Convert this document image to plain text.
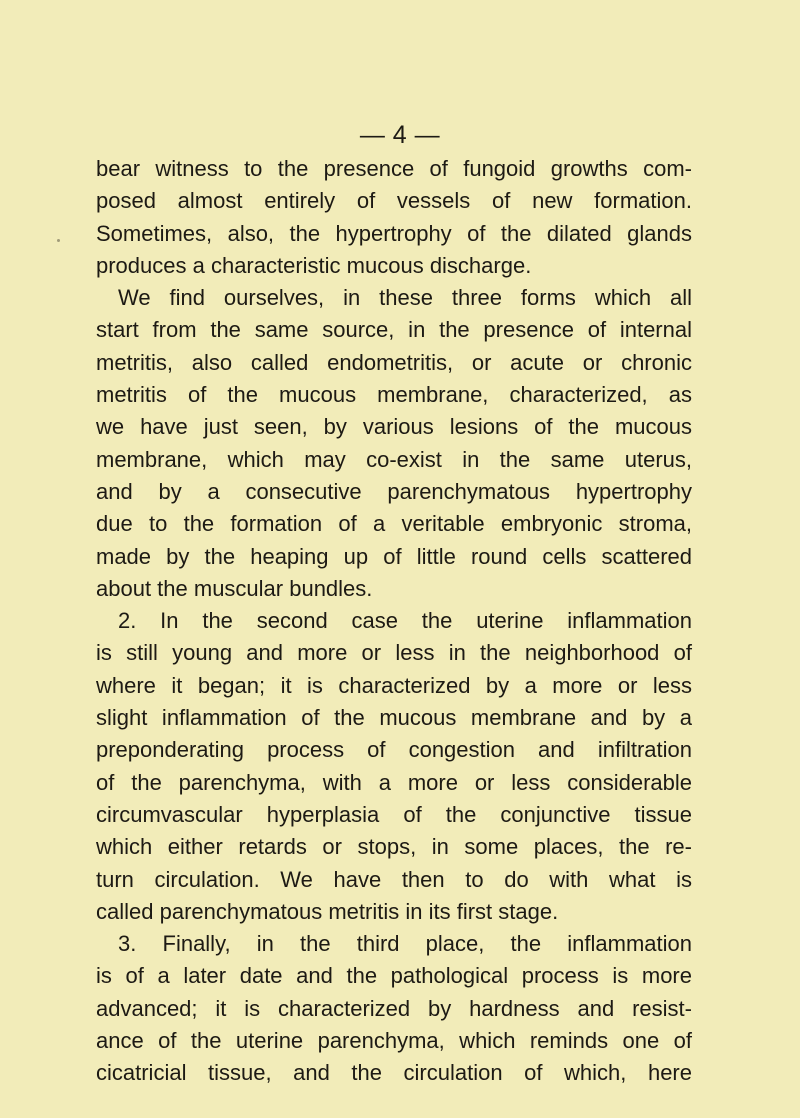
— 4 —
bear witness to the presence of fungoid growths com-
posed almost entirely of vessels of new formation.
Sometimes, also, the hypertrophy of the dilated glands
produces a characteristic mucous discharge.
We find ourselves, in these three forms which all
start from the same source, in the presence of internal
metritis, also called endometritis, or acute or chronic
metritis of the mucous membrane, characterized, as
we have just seen, by various lesions of the mucous
membrane, which may co-exist in the same uterus,
and by a consecutive parenchymatous hypertrophy
due to the formation of a veritable embryonic stroma,
made by the heaping up of little round cells scattered
about the muscular bundles.
2. In the second case the uterine inflammation
is still young and more or less in the neighborhood of
where it began; it is characterized by a more or less
slight inflammation of the mucous membrane and by a
preponderating process of congestion and infiltration
of the parenchyma, with a more or less considerable
circumvascular hyperplasia of the conjunctive tissue
which either retards or stops, in some places, the re-
turn circulation. We have then to do with what is
called parenchymatous metritis in its first stage.
3. Finally, in the third place, the inflammation
is of a later date and the pathological process is more
advanced; it is characterized by hardness and resist-
ance of the uterine parenchyma, which reminds one of
cicatricial tissue, and the circulation of which, here
